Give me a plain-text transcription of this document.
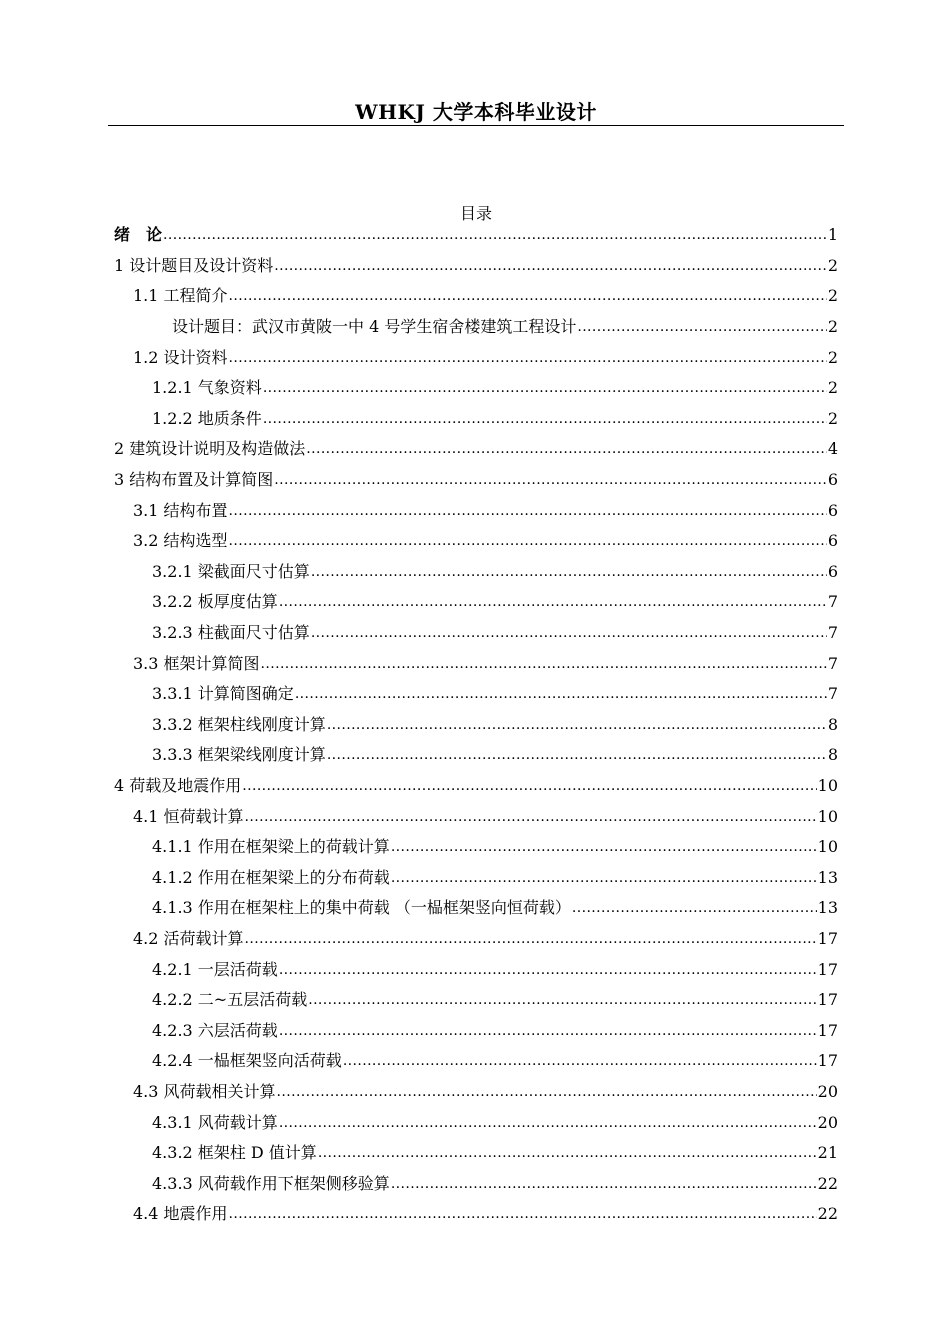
WHKJ 大学本科毕业设计
目录
绪　论 .....	1
1 设计题目及设计资料 .....	2
1.1 工程简介 .....	2
设计题目：武汉市黄陂一中 4 号学生宿舍楼建筑工程设计 .....	2
1.2 设计资料 .....	2
1.2.1 气象资料 .....	2
1.2.2 地质条件 .....	2
2 建筑设计说明及构造做法 .....	4
3 结构布置及计算简图 .....	6
3.1 结构布置 .....	6
3.2 结构选型 .....	6
3.2.1 梁截面尺寸估算 .....	6
3.2.2 板厚度估算 .....	7
3.2.3 柱截面尺寸估算 .....	7
3.3 框架计算简图 .....	7
3.3.1 计算简图确定 .....	7
3.3.2 框架柱线刚度计算 .....	8
3.3.3 框架梁线刚度计算 .....	8
4 荷载及地震作用 .....	10
4.1 恒荷载计算 .....	10
4.1.1 作用在框架梁上的荷载计算 .....	10
4.1.2 作用在框架梁上的分布荷载 .....	13
4.1.3 作用在框架柱上的集中荷载 （一榀框架竖向恒荷载） .....	13
4.2 活荷载计算 .....	17
4.2.1 一层活荷载 .....	17
4.2.2 二~五层活荷载 .....	17
4.2.3 六层活荷载 .....	17
4.2.4 一榀框架竖向活荷载 .....	17
4.3 风荷载相关计算 .....	20
4.3.1 风荷载计算 .....	20
4.3.2 框架柱 D 值计算 .....	21
4.3.3 风荷载作用下框架侧移验算 .....	22
4.4 地震作用 .....	22
